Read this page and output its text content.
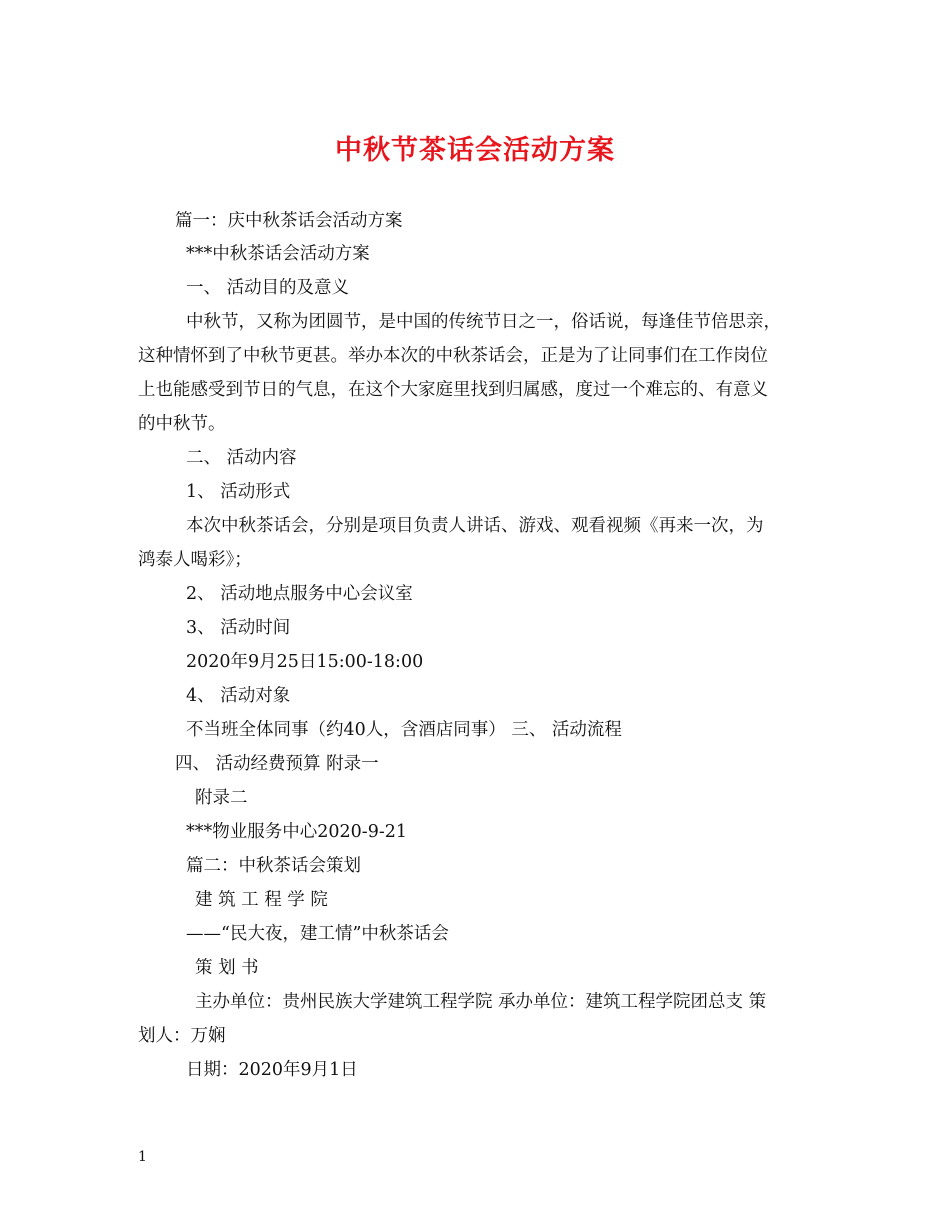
中秋节茶话会活动方案
篇一：庆中秋茶话会活动方案
***中秋茶话会活动方案
一、 活动目的及意义
中秋节，又称为团圆节，是中国的传统节日之一，俗话说，每逢佳节倍思亲，
这种情怀到了中秋节更甚。举办本次的中秋茶话会，正是为了让同事们在工作岗位
上也能感受到节日的气息，在这个大家庭里找到归属感，度过一个难忘的、有意义
的中秋节。
二、 活动内容
1、 活动形式
本次中秋茶话会，分别是项目负责人讲话、游戏、观看视频《再来一次，为
鸿泰人喝彩》；
2、 活动地点服务中心会议室
3、 活动时间
2020年9月25日15:00-18:00
4、 活动对象
不当班全体同事（约40人，含酒店同事） 三、 活动流程
四、 活动经费预算 附录一
附录二
***物业服务中心2020-9-21
篇二：中秋茶话会策划
建 筑 工 程 学 院
——“民大夜，建工情”中秋茶话会
策 划 书
主办单位：贵州民族大学建筑工程学院 承办单位：建筑工程学院团总支 策
划人：万娴
日期：2020年9月1日
1
